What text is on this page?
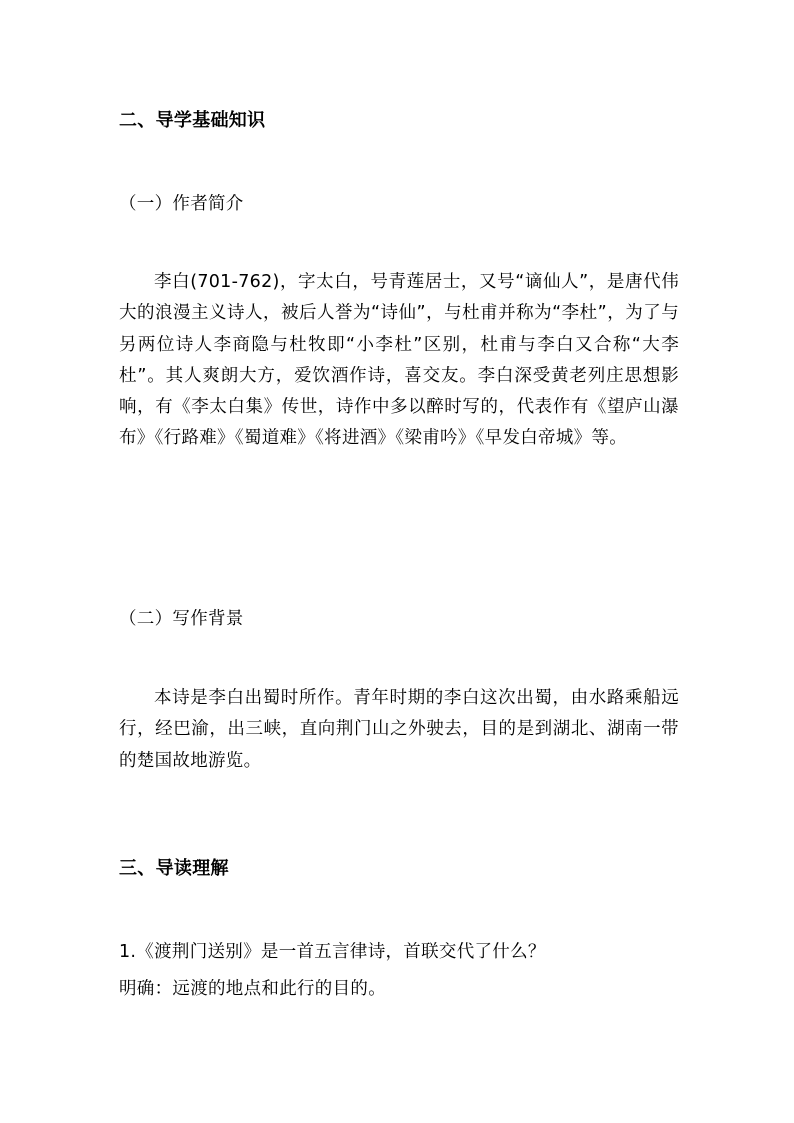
二、导学基础知识
（一）作者简介
李白(701-762)，字太白，号青莲居士，又号“谪仙人”，是唐代伟大的浪漫主义诗人，被后人誉为“诗仙”，与杜甫并称为“李杜”，为了与另两位诗人李商隐与杜牧即“小李杜”区别，杜甫与李白又合称“大李杜”。其人爽朗大方，爱饮酒作诗，喜交友。李白深受黄老列庄思想影响，有《李太白集》传世，诗作中多以醉时写的，代表作有《望庐山瀑布》《行路难》《蜀道难》《将进酒》《梁甫吟》《早发白帝城》等。
（二）写作背景
本诗是李白出蜀时所作。青年时期的李白这次出蜀，由水路乘船远行，经巴渝，出三峡，直向荆门山之外驶去，目的是到湖北、湖南一带的楚国故地游览。
三、导读理解
1.《渡荆门送别》是一首五言律诗，首联交代了什么？
明确：远渡的地点和此行的目的。
